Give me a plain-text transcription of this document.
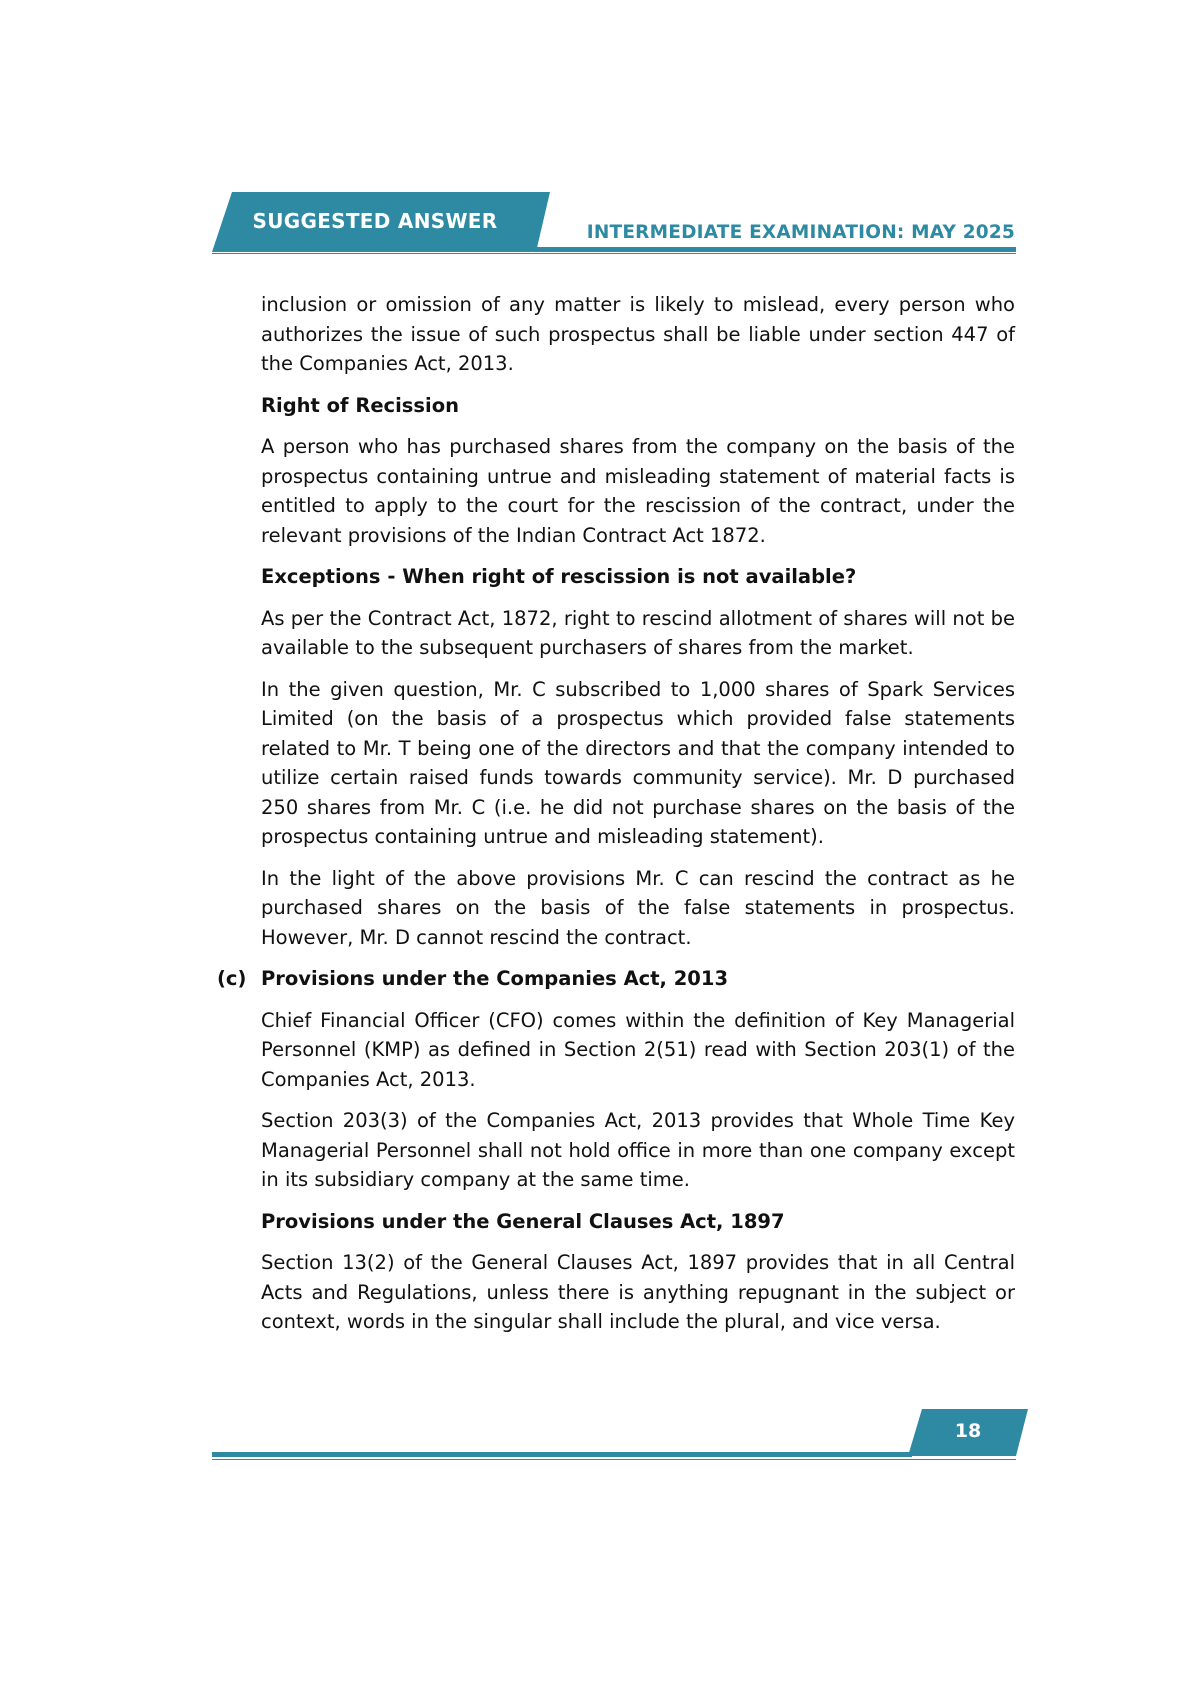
SUGGESTED ANSWER	INTERMEDIATE EXAMINATION: MAY 2025

inclusion or omission of any matter is likely to mislead, every person who authorizes the issue of such prospectus shall be liable under section 447 of the Companies Act, 2013.

Right of Recission

A person who has purchased shares from the company on the basis of the prospectus containing untrue and misleading statement of material facts is entitled to apply to the court for the rescission of the contract, under the relevant provisions of the Indian Contract Act 1872.

Exceptions - When right of rescission is not available?

As per the Contract Act, 1872, right to rescind allotment of shares will not be available to the subsequent purchasers of shares from the market.

In the given question, Mr. C subscribed to 1,000 shares of Spark Services Limited (on the basis of a prospectus which provided false statements related to Mr. T being one of the directors and that the company intended to utilize certain raised funds towards community service). Mr. D purchased 250 shares from Mr. C (i.e. he did not purchase shares on the basis of the prospectus containing untrue and misleading statement).

In the light of the above provisions Mr. C can rescind the contract as he purchased shares on the basis of the false statements in prospectus. However, Mr. D cannot rescind the contract.

(c) Provisions under the Companies Act, 2013

Chief Financial Officer (CFO) comes within the definition of Key Managerial Personnel (KMP) as defined in Section 2(51) read with Section 203(1) of the Companies Act, 2013.

Section 203(3) of the Companies Act, 2013 provides that Whole Time Key Managerial Personnel shall not hold office in more than one company except in its subsidiary company at the same time.

Provisions under the General Clauses Act, 1897

Section 13(2) of the General Clauses Act, 1897 provides that in all Central Acts and Regulations, unless there is anything repugnant in the subject or context, words in the singular shall include the plural, and vice versa.

18
